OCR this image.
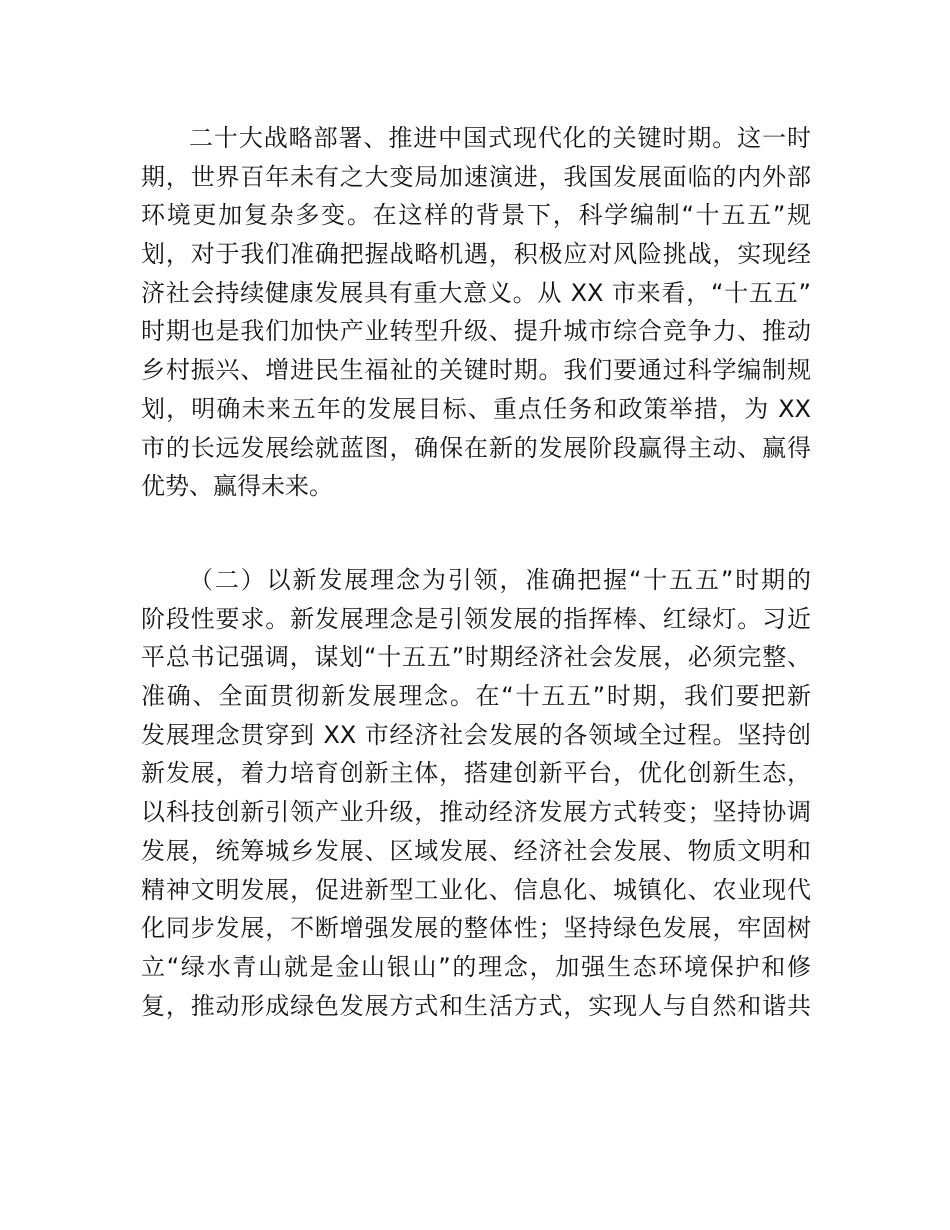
二十大战略部署、推进中国式现代化的关键时期。这一时
期，世界百年未有之大变局加速演进，我国发展面临的内外部
环境更加复杂多变。在这样的背景下，科学编制“十五五”规
划，对于我们准确把握战略机遇，积极应对风险挑战，实现经
济社会持续健康发展具有重大意义。从 XX 市来看，“十五五”
时期也是我们加快产业转型升级、提升城市综合竞争力、推动
乡村振兴、增进民生福祉的关键时期。我们要通过科学编制规
划，明确未来五年的发展目标、重点任务和政策举措，为 XX
市的长远发展绘就蓝图，确保在新的发展阶段赢得主动、赢得
优势、赢得未来。
（二）以新发展理念为引领，准确把握“十五五”时期的
阶段性要求。新发展理念是引领发展的指挥棒、红绿灯。习近
平总书记强调，谋划“十五五”时期经济社会发展，必须完整、
准确、全面贯彻新发展理念。在“十五五”时期，我们要把新
发展理念贯穿到 XX 市经济社会发展的各领域全过程。坚持创
新发展，着力培育创新主体，搭建创新平台，优化创新生态，
以科技创新引领产业升级，推动经济发展方式转变；坚持协调
发展，统筹城乡发展、区域发展、经济社会发展、物质文明和
精神文明发展，促进新型工业化、信息化、城镇化、农业现代
化同步发展，不断增强发展的整体性；坚持绿色发展，牢固树
立“绿水青山就是金山银山”的理念，加强生态环境保护和修
复，推动形成绿色发展方式和生活方式，实现人与自然和谐共
